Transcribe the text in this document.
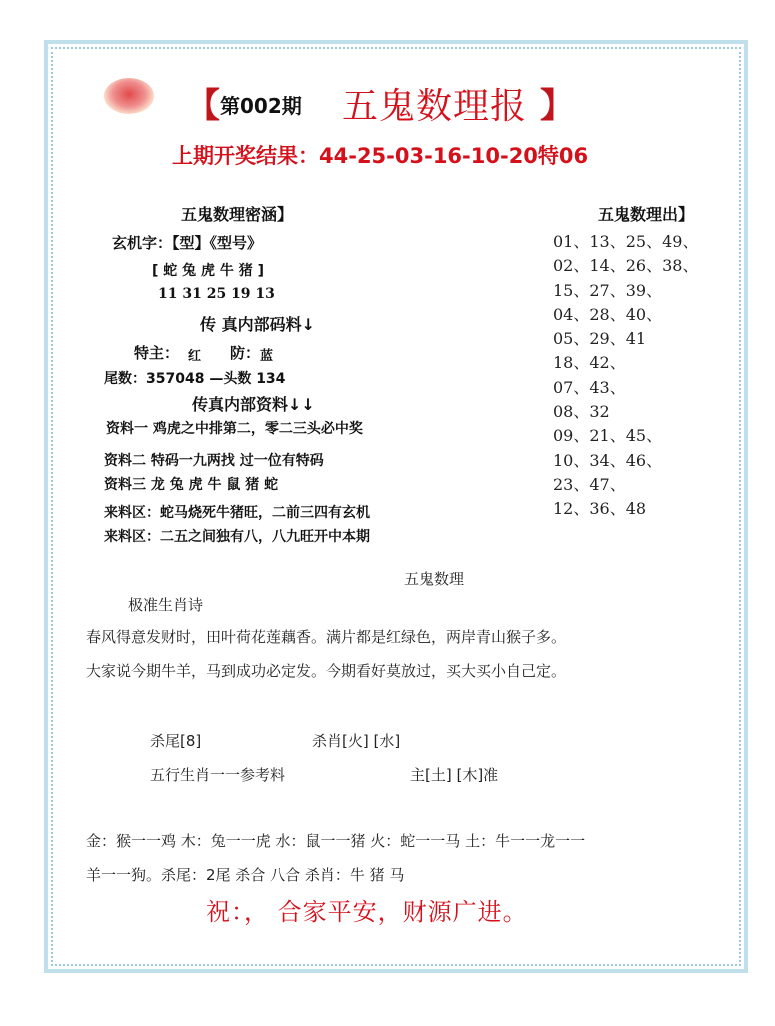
【 第002期 五鬼数理报 】
上期开奖结果：44-25-03-16-10-20特06
五鬼数理密涵】
玄机字：【型】《型号》
[ 蛇 兔 虎 牛 猪 ]
11 31 25 19 13
传 真内部码料↓
特主： 红 防： 蓝
尾数：357048 —头数 134
传真内部资料↓↓
资料一 鸡虎之中排第二，零二三头必中奖
资料二 特码一九两找 过一位有特码
资料三 龙 兔 虎 牛 鼠 猪 蛇
来料区：蛇马烧死牛猪旺，二前三四有玄机
来料区：二五之间独有八，八九旺开中本期
五鬼数理出】
01、13、25、49、
02、14、26、38、
15、27、39、
04、28、40、
05、29、41
18、42、
07、43、
08、32
09、21、45、
10、34、46、
23、47、
12、36、48
五鬼数理
极准生肖诗
春风得意发财时，田叶荷花莲藕香。满片都是红绿色，两岸青山猴子多。
大家说今期牛羊，马到成功必定发。今期看好莫放过，买大买小自己定。
杀尾[8]	杀肖[火] [水]
五行生肖一一参考料	主[土] [木]准
金：猴一一鸡 木：兔一一虎 水：鼠一一猪 火：蛇一一马 土：牛一一龙一一
羊一一狗。杀尾：2尾 杀合 八合 杀肖：牛 猪 马
祝：， 合家平安，财源广进。
